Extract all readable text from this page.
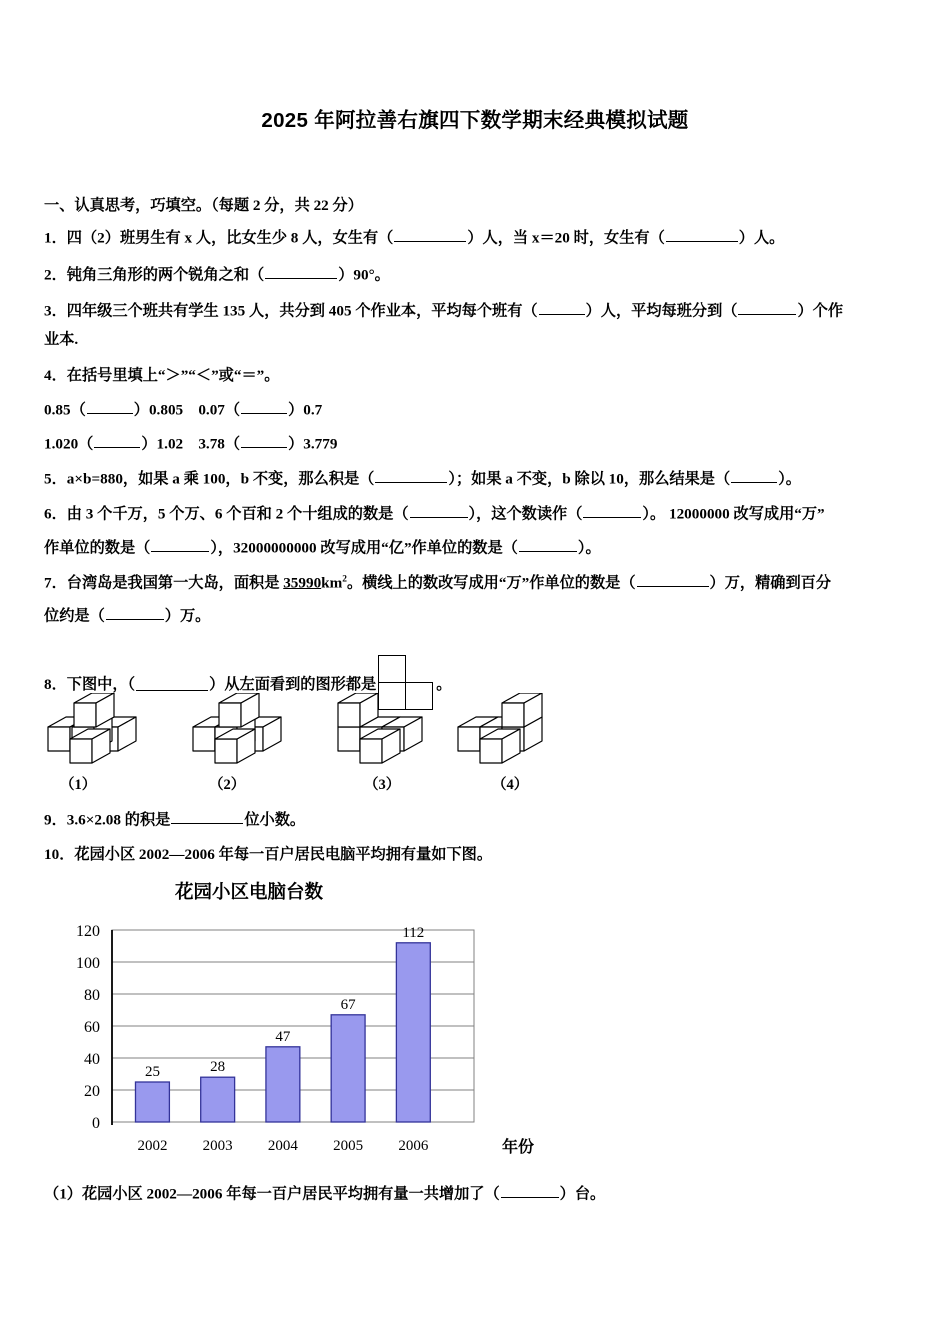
2025 年阿拉善右旗四下数学期末经典模拟试题
一、认真思考，巧填空。（每题 2 分，共 22 分）
1．四（2）班男生有 x 人，比女生少 8 人，女生有（	）人，当 x＝20 时，女生有（	）人。
2．钝角三角形的两个锐角之和（	）90°。
3．四年级三个班共有学生 135 人，共分到 405 个作业本，平均每个班有（	）人，平均每班分到（	）个作
业本.
4．在括号里填上“＞”“＜”或“＝”。
0.85（	）0.805 0.07（	）0.7
1.020（	）1.02 3.78（	）3.779
5．a×b=880，如果 a 乘 100，b 不变，那么积是（	）；如果 a 不变，b 除以 10，那么结果是（	）。
6．由 3 个千万，5 个万、6 个百和 2 个十组成的数是（	），这个数读作（	）。 12000000 改写成用“万”
作单位的数是（	），32000000000 改写成用“亿”作单位的数是（	）。
7．台湾岛是我国第一大岛，面积是 $35990km^2$。横线上的数改写成用“万”作单位的数是（	）万，精确到百分
位约是（	）万。
8．下图中，（	）从左面看到的图形都是	。
（1）	（2）	（3）	（4）
9．3.6×2.08 的积是	位小数。
10．花园小区 2002—2006 年每一百户居民电脑平均拥有量如下图。
花园小区电脑台数
0
20
40
60
80
100
120
25	28
47
67
112
2002 2003 2004 2005 2006	年份
（1）花园小区 2002—2006 年每一百户居民平均拥有量一共增加了（	）台。
